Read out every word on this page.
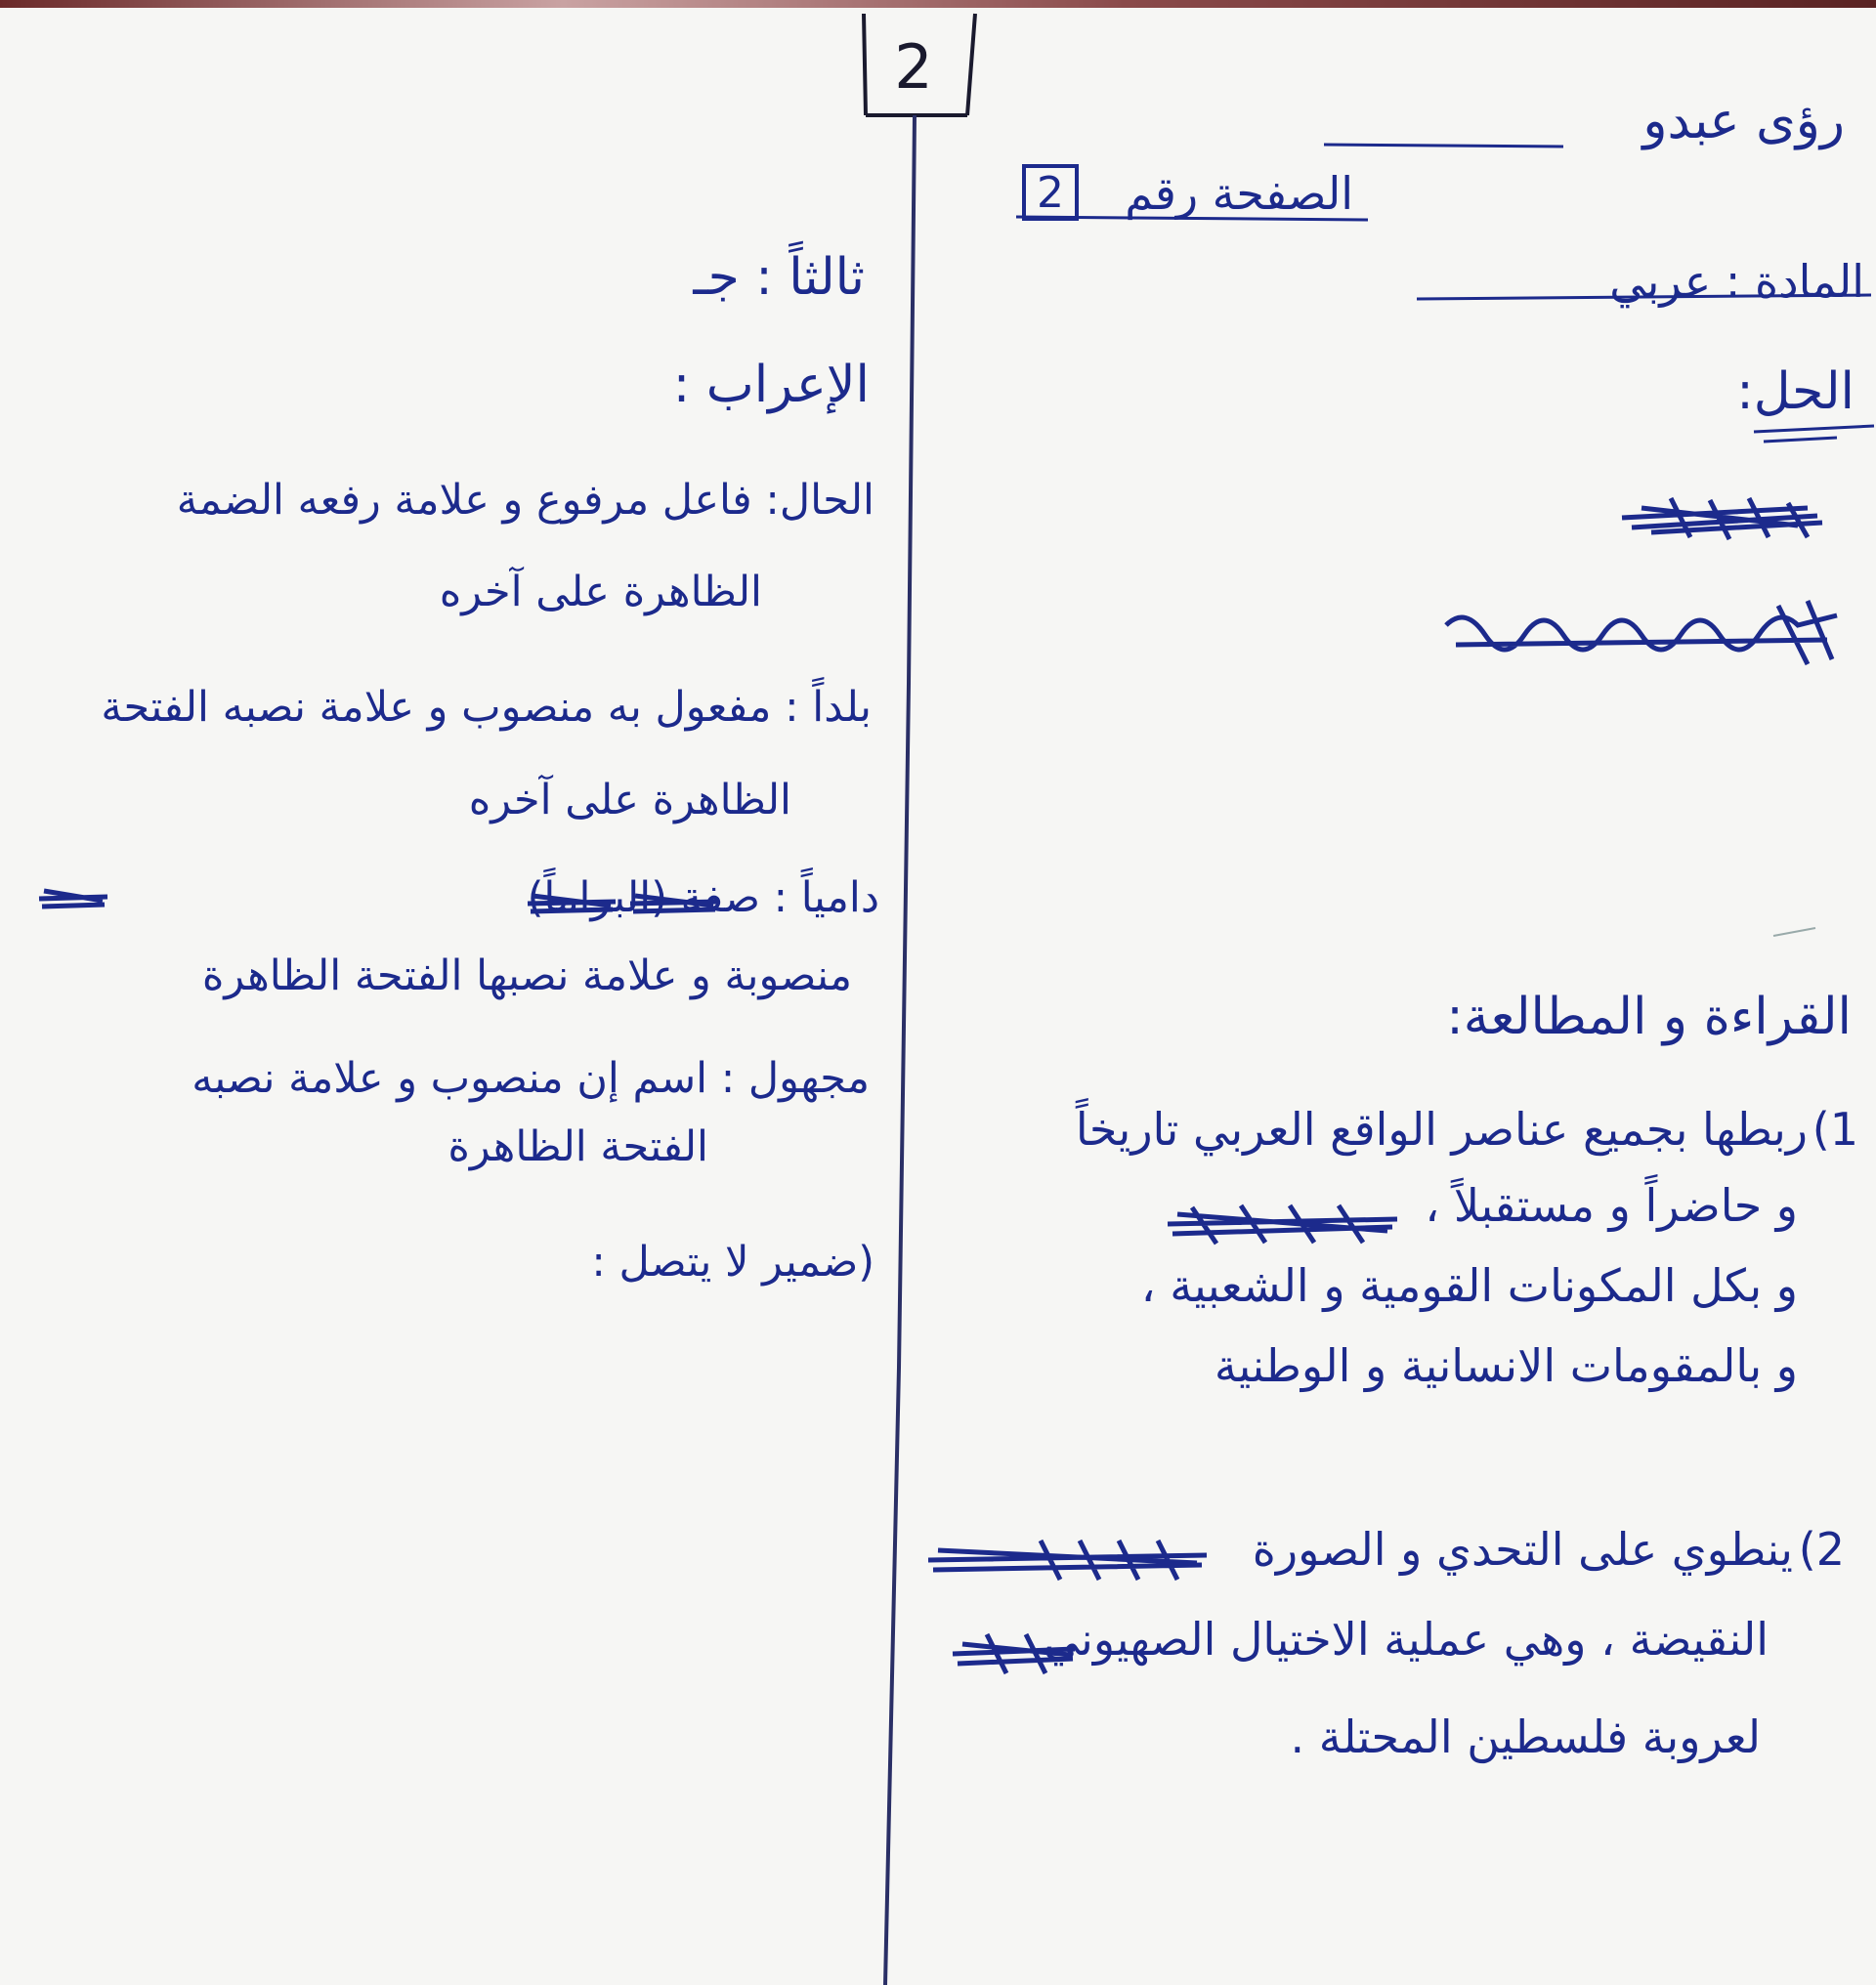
2
رؤى عبدو
الصفحة رقم
2
المادة : عربي
الحل:
القراءة و المطالعة:
1)
ربطها بجميع عناصر الواقع العربي تاريخاً
و حاضراً و مستقبلاً ،
و بكل المكونات القومية و الشعبية ،
و بالمقومات الانسانية و الوطنية
2)
ينطوي على التحدي و الصورة
النقيضة ، وهي عملية الاختيال الصهيوني
لعروبة فلسطين المحتلة .
ثالثاً : جـ
الإعراب :
الحال: فاعل مرفوع و علامة رفعه الضمة
الظاهرة على آخره
بلداً : مفعول به منصوب و علامة نصبه الفتحة
الظاهرة على آخره
دامياً : صفة (البراماً)
منصوبة و علامة نصبها الفتحة الظاهرة
مجهول : اسم إن منصوب و علامة نصبه
الفتحة الظاهرة
(ضمير لا يتصل :
